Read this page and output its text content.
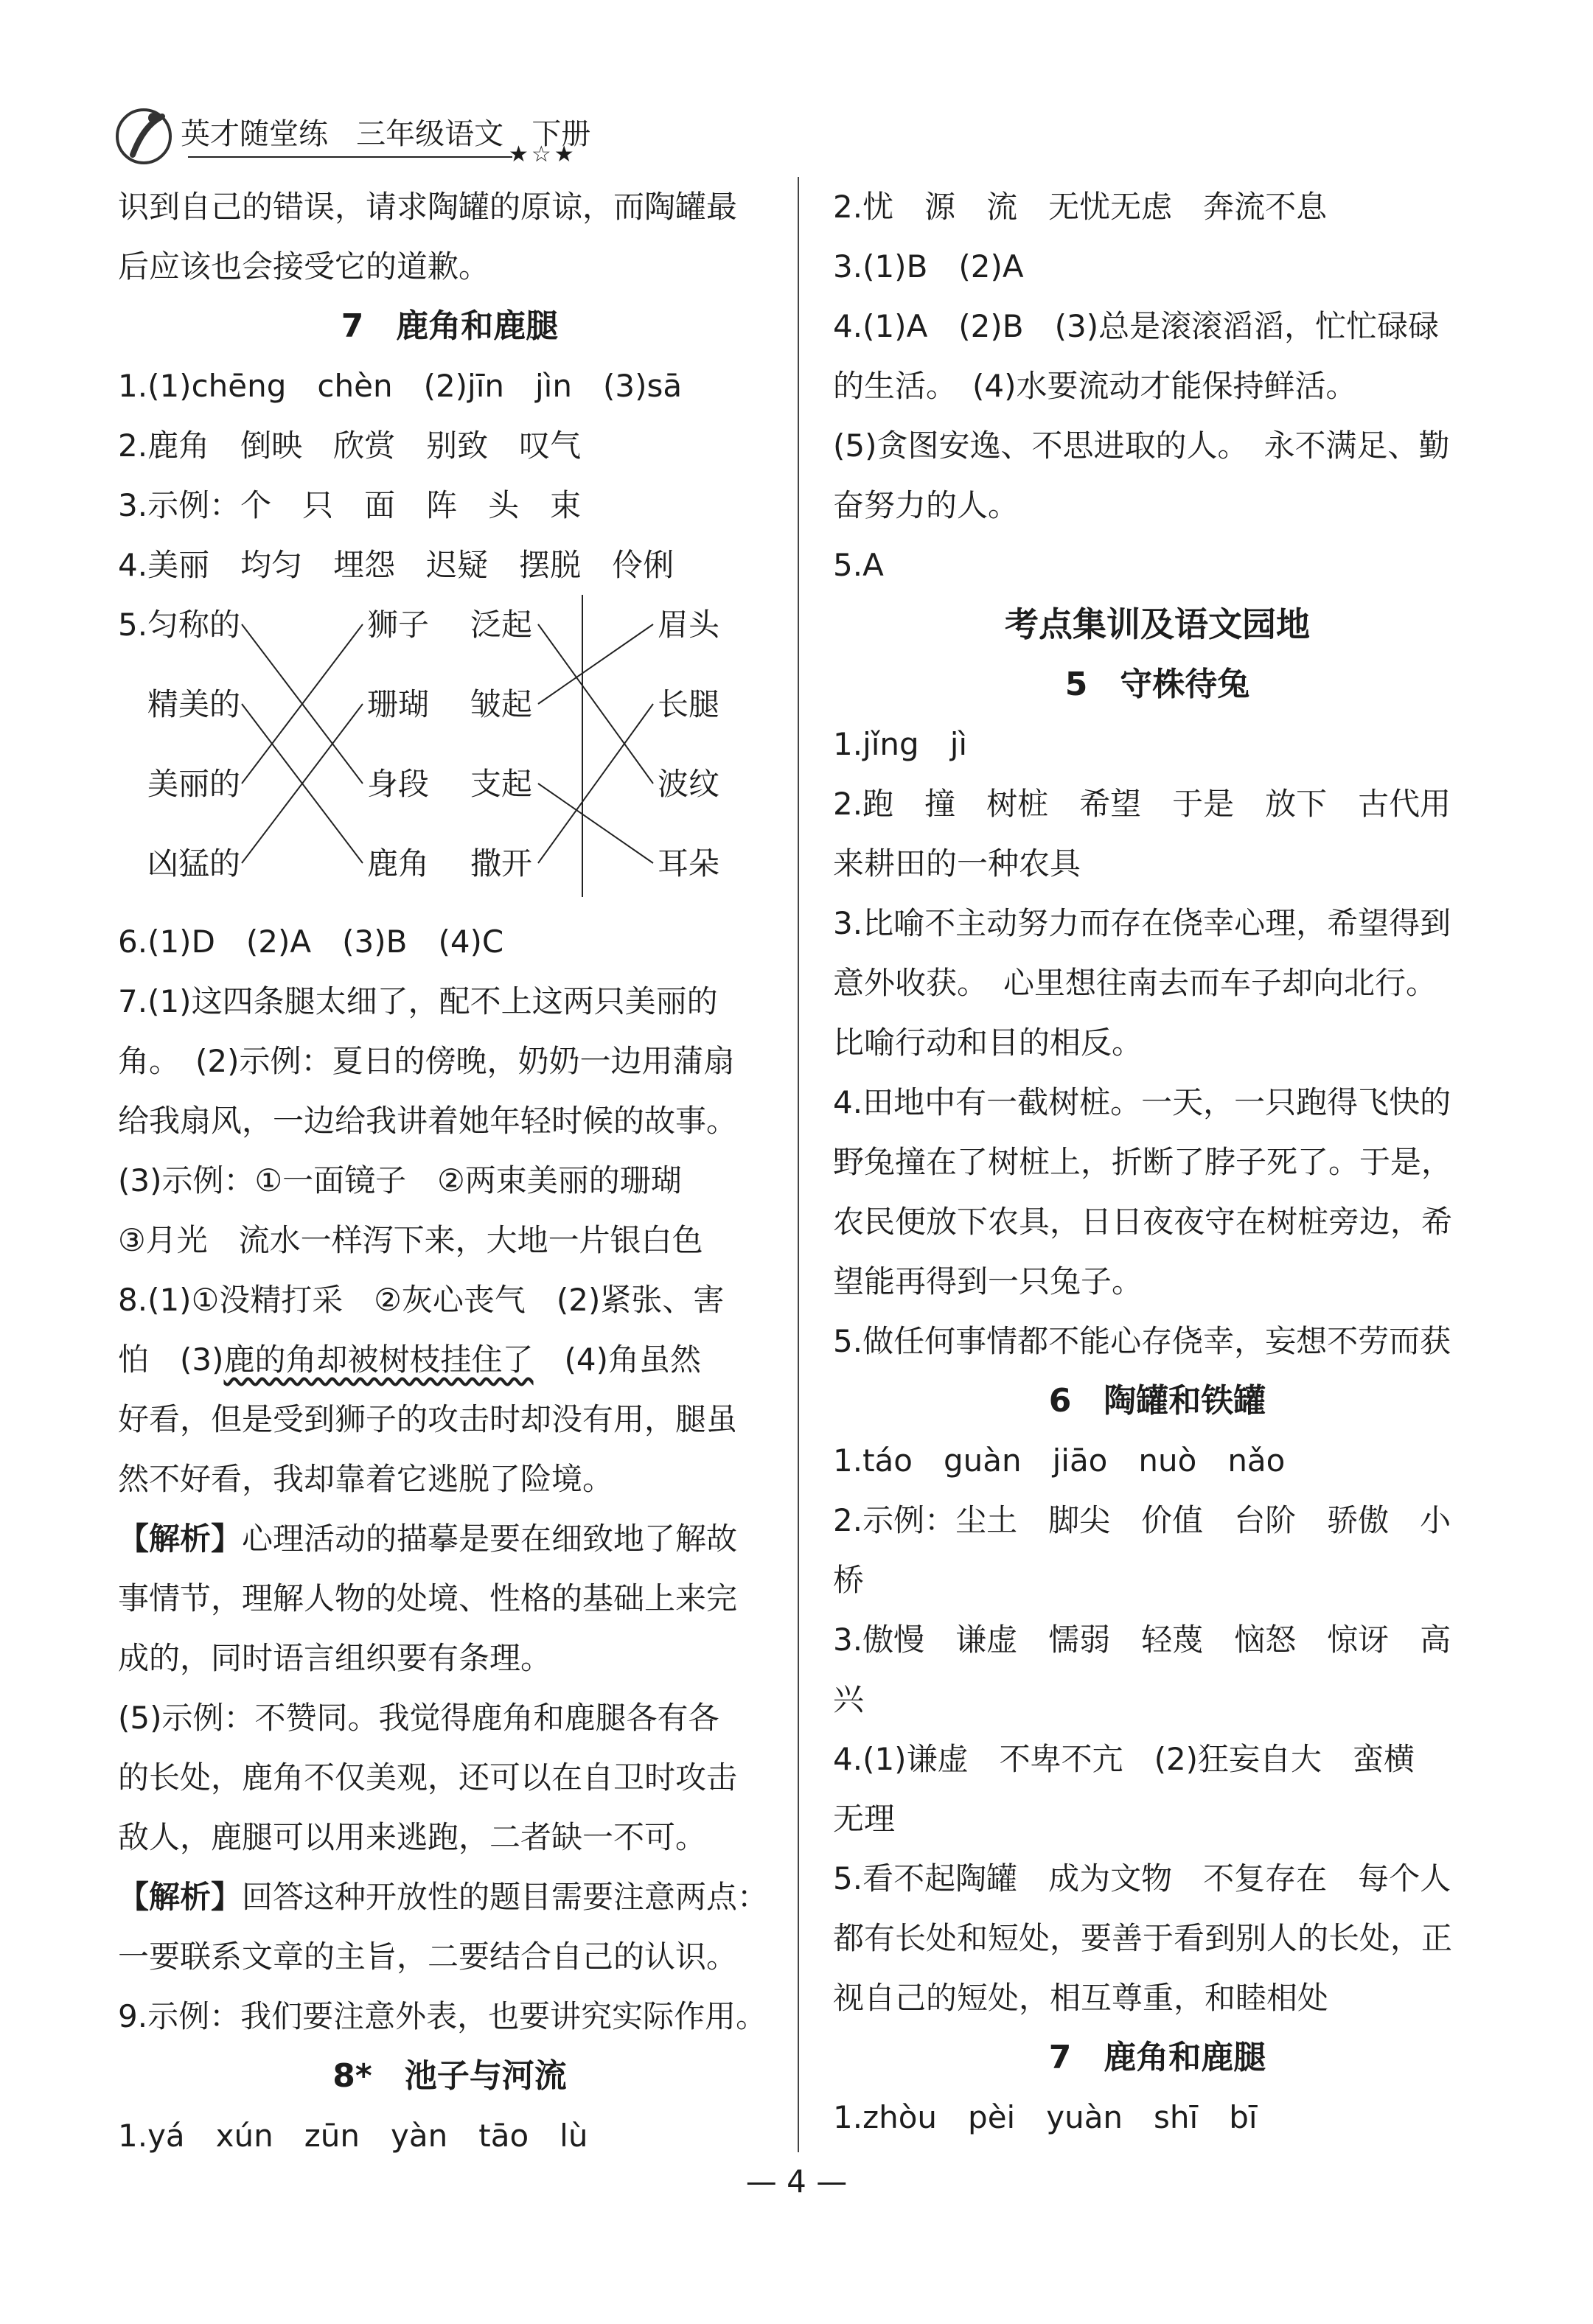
英才随堂练 三年级语文 下册
★☆★

识到自己的错误，请求陶罐的原谅，而陶罐最

后应该也会接受它的道歉。

7　鹿角和鹿腿

1.(1)chēng　chèn　(2)jīn　jìn　(3)sā

2.鹿角　倒映　欣赏　别致　叹气

3.示例：个　只　面　阵　头　束

4.美丽　均匀　埋怨　迟疑　摆脱　伶俐

5. 匀称的
精美的
美丽的
凶猛的
狮子
珊瑚
身段
鹿角
泛起
皱起
支起
撒开
眉头
长腿
波纹
耳朵

6.(1)D　(2)A　(3)B　(4)C

7.(1)这四条腿太细了，配不上这两只美丽的

角。　(2)示例：夏日的傍晚，奶奶一边用蒲扇

给我扇风，一边给我讲着她年轻时候的故事。

(3)示例：①一面镜子　②两束美丽的珊瑚

③月光　流水一样泻下来，大地一片银白色

8.(1)①没精打采　②灰心丧气　(2)紧张、害

怕　(3)鹿的角却被树枝挂住了　(4)角虽然

好看，但是受到狮子的攻击时却没有用，腿虽

然不好看，我却靠着它逃脱了险境。

【解析】心理活动的描摹是要在细致地了解故

事情节，理解人物的处境、性格的基础上来完

成的，同时语言组织要有条理。

(5)示例：不赞同。我觉得鹿角和鹿腿各有各

的长处，鹿角不仅美观，还可以在自卫时攻击

敌人，鹿腿可以用来逃跑，二者缺一不可。

【解析】回答这种开放性的题目需要注意两点：

一要联系文章的主旨，二要结合自己的认识。

9.示例：我们要注意外表，也要讲究实际作用。

8*　池子与河流

1.yá　xún　zūn　yàn　tāo　lù

2.忧　源　流　无忧无虑　奔流不息

3.(1)B　(2)A

4.(1)A　(2)B　(3)总是滚滚滔滔，忙忙碌碌

的生活。　(4)水要流动才能保持鲜活。

(5)贪图安逸、不思进取的人。　永不满足、勤

奋努力的人。

5.A

考点集训及语文园地

5　守株待兔

1.jǐng　jì

2.跑　撞　树桩　希望　于是　放下　古代用

来耕田的一种农具

3.比喻不主动努力而存在侥幸心理，希望得到

意外收获。　心里想往南去而车子却向北行。

比喻行动和目的相反。

4.田地中有一截树桩。一天，一只跑得飞快的

野兔撞在了树桩上，折断了脖子死了。于是，

农民便放下农具，日日夜夜守在树桩旁边，希

望能再得到一只兔子。

5.做任何事情都不能心存侥幸，妄想不劳而获

6　陶罐和铁罐

1.táo　guàn　jiāo　nuò　nǎo

2.示例：尘土　脚尖　价值　台阶　骄傲　小

桥

3.傲慢　谦虚　懦弱　轻蔑　恼怒　惊讶　高

兴

4.(1)谦虚　不卑不亢　(2)狂妄自大　蛮横

无理

5.看不起陶罐　成为文物　不复存在　每个人

都有长处和短处，要善于看到别人的长处，正

视自己的短处，相互尊重，和睦相处

7　鹿角和鹿腿

1.zhòu　pèi　yuàn　shī　bī

— 4 —
